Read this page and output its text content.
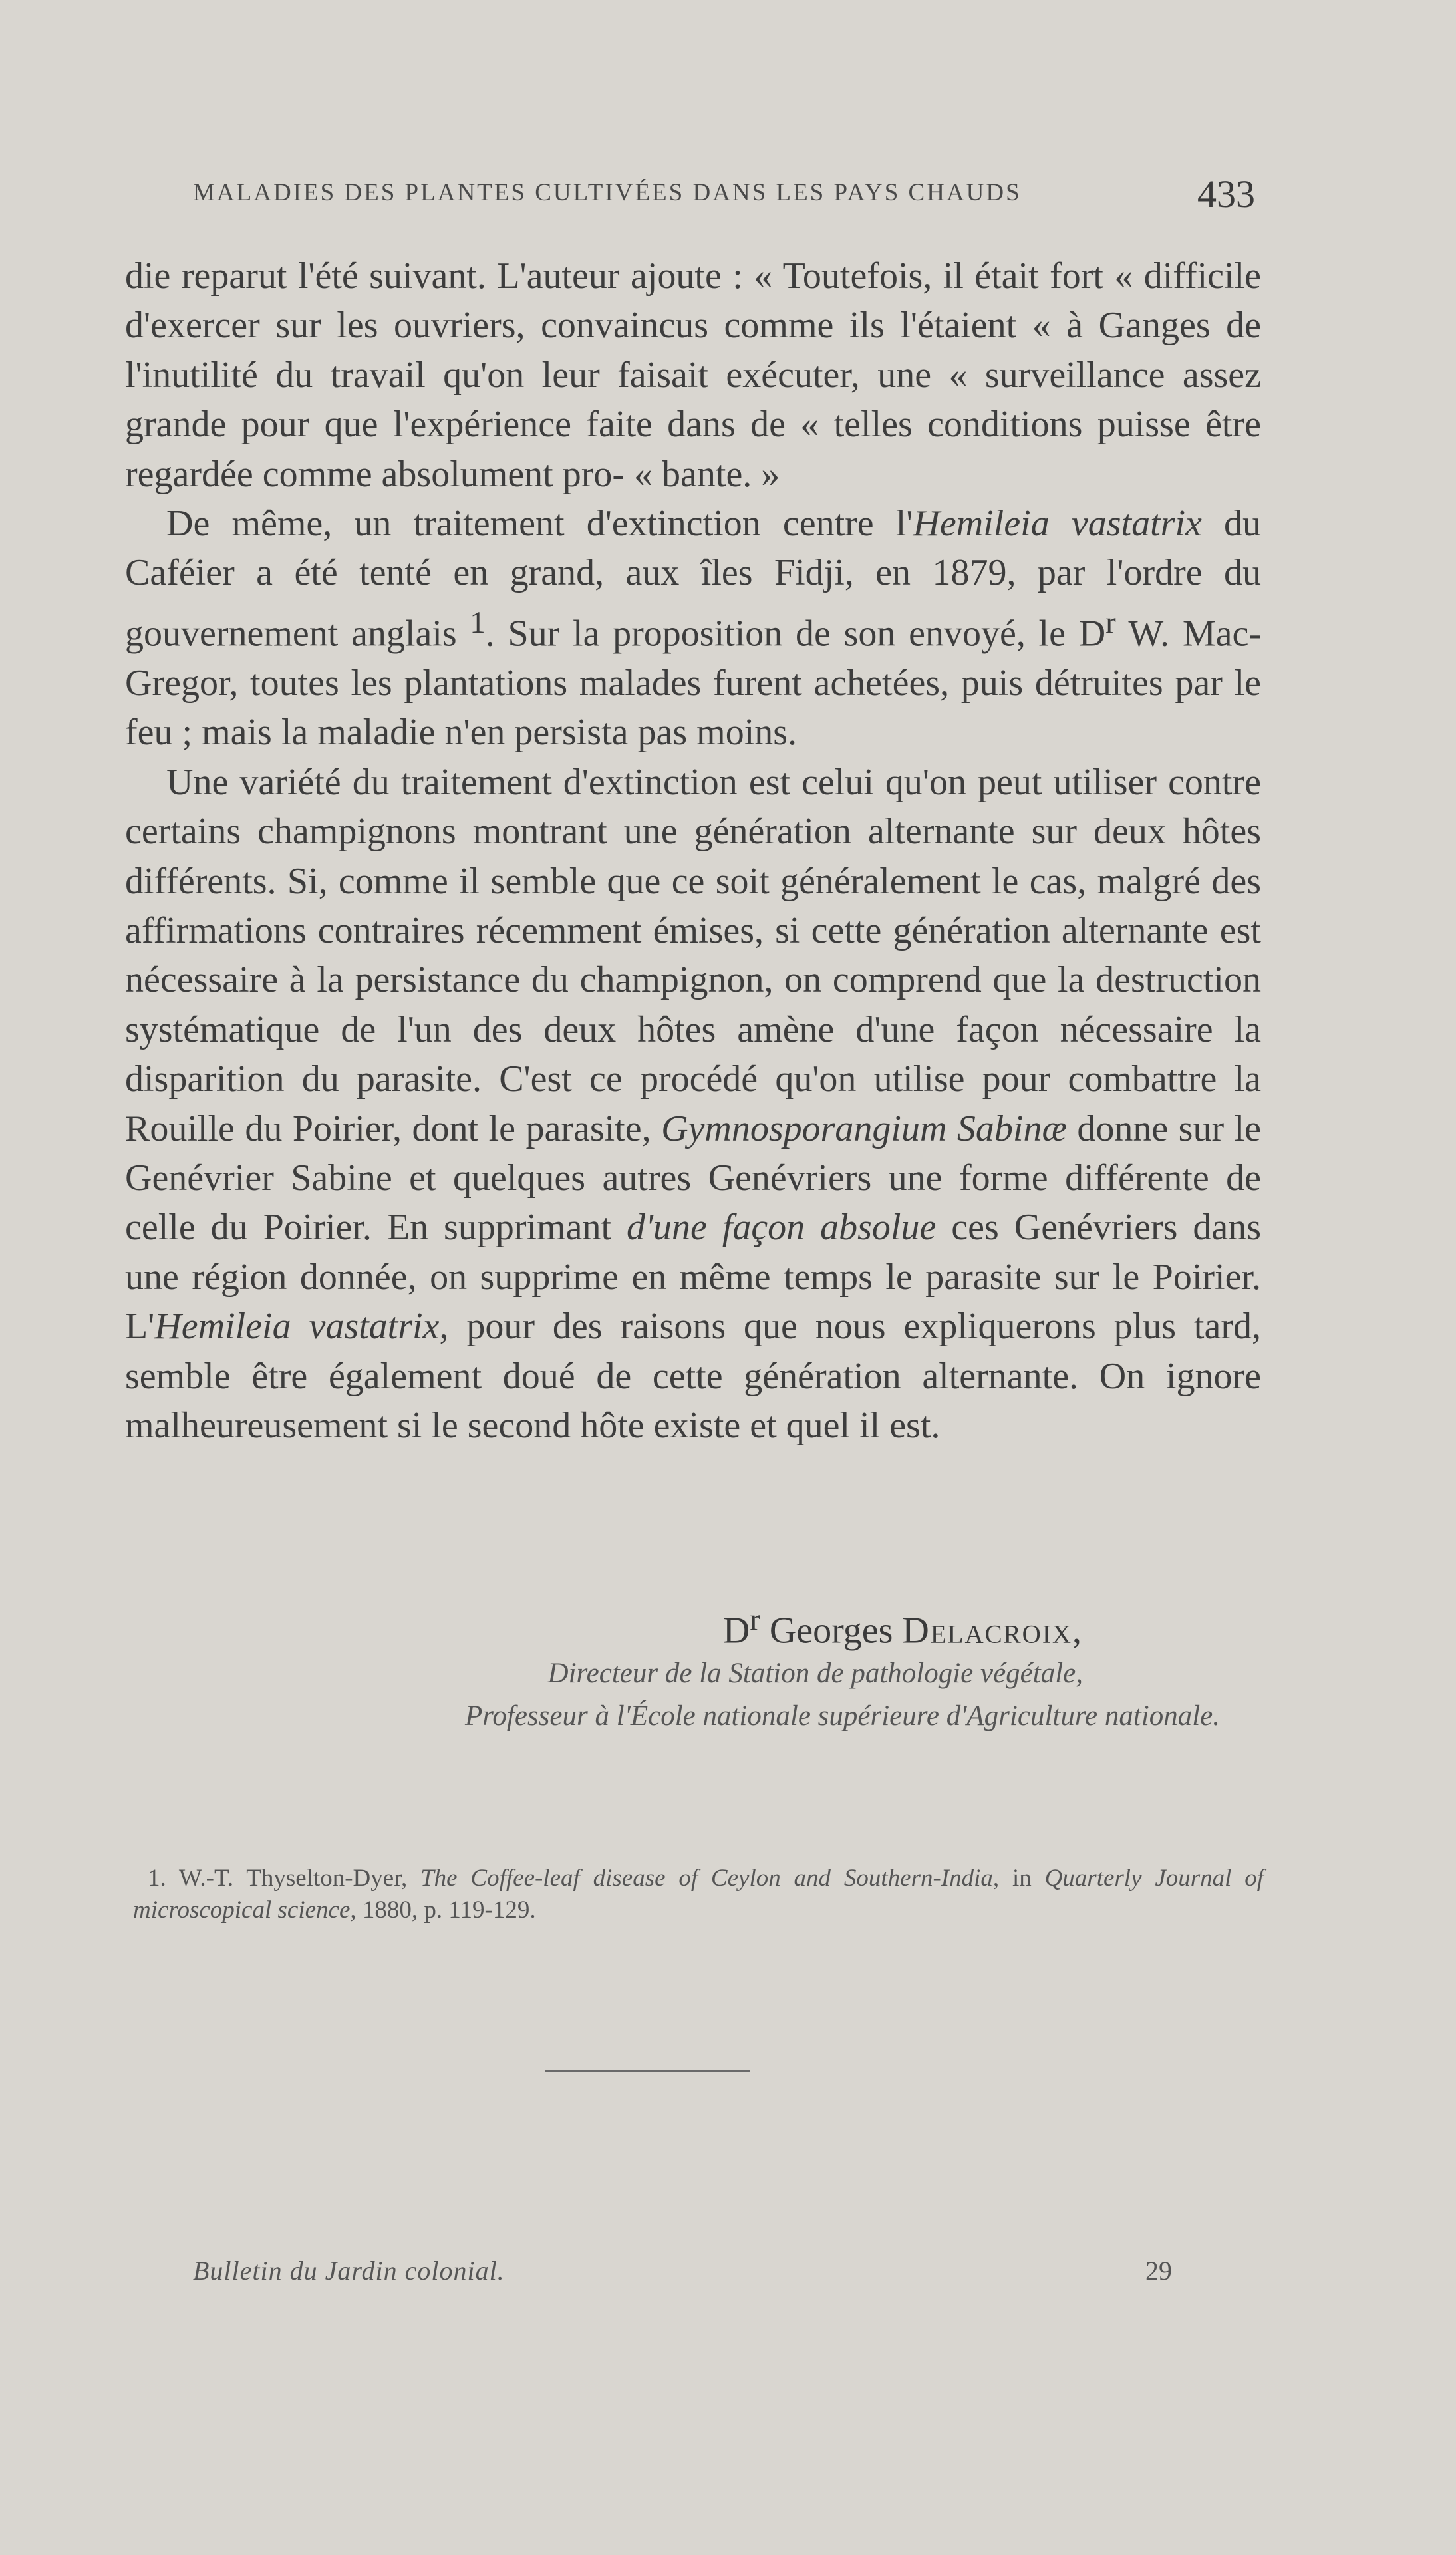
MALADIES DES PLANTES CULTIVÉES DANS LES PAYS CHAUDS	433

die reparut l'été suivant. L'auteur ajoute : « Toutefois, il était fort « difficile d'exercer sur les ouvriers, convaincus comme ils l'étaient « à Ganges de l'inutilité du travail qu'on leur faisait exécuter, une « surveillance assez grande pour que l'expérience faite dans de « telles conditions puisse être regardée comme absolument pro- « bante. »

De même, un traitement d'extinction centre l'Hemileia vastatrix du Caféier a été tenté en grand, aux îles Fidji, en 1879, par l'ordre du gouvernement anglais $^1$. Sur la proposition de son envoyé, le $D^r$ W. Mac-Gregor, toutes les plantations malades furent achetées, puis détruites par le feu ; mais la maladie n'en persista pas moins.

Une variété du traitement d'extinction est celui qu'on peut utiliser contre certains champignons montrant une génération alternante sur deux hôtes différents. Si, comme il semble que ce soit généralement le cas, malgré des affirmations contraires récemment émises, si cette génération alternante est nécessaire à la persistance du champignon, on comprend que la destruction systématique de l'un des deux hôtes amène d'une façon nécessaire la disparition du parasite. C'est ce procédé qu'on utilise pour combattre la Rouille du Poirier, dont le parasite, Gymnosporangium Sabinæ donne sur le Genévrier Sabine et quelques autres Genévriers une forme différente de celle du Poirier. En supprimant d'une façon absolue ces Genévriers dans une région donnée, on supprime en même temps le parasite sur le Poirier. L'Hemileia vastatrix, pour des raisons que nous expliquerons plus tard, semble être également doué de cette génération alternante. On ignore malheureusement si le second hôte existe et quel il est.

$D^r$ Georges Delacroix,
Directeur de la Station de pathologie végétale,
Professeur à l'École nationale supérieure d'Agriculture nationale.

1. W.-T. Thyselton-Dyer, The Coffee-leaf disease of Ceylon and Southern-India, in Quarterly Journal of microscopical science, 1880, p. 119-129.

Bulletin du Jardin colonial.	29
